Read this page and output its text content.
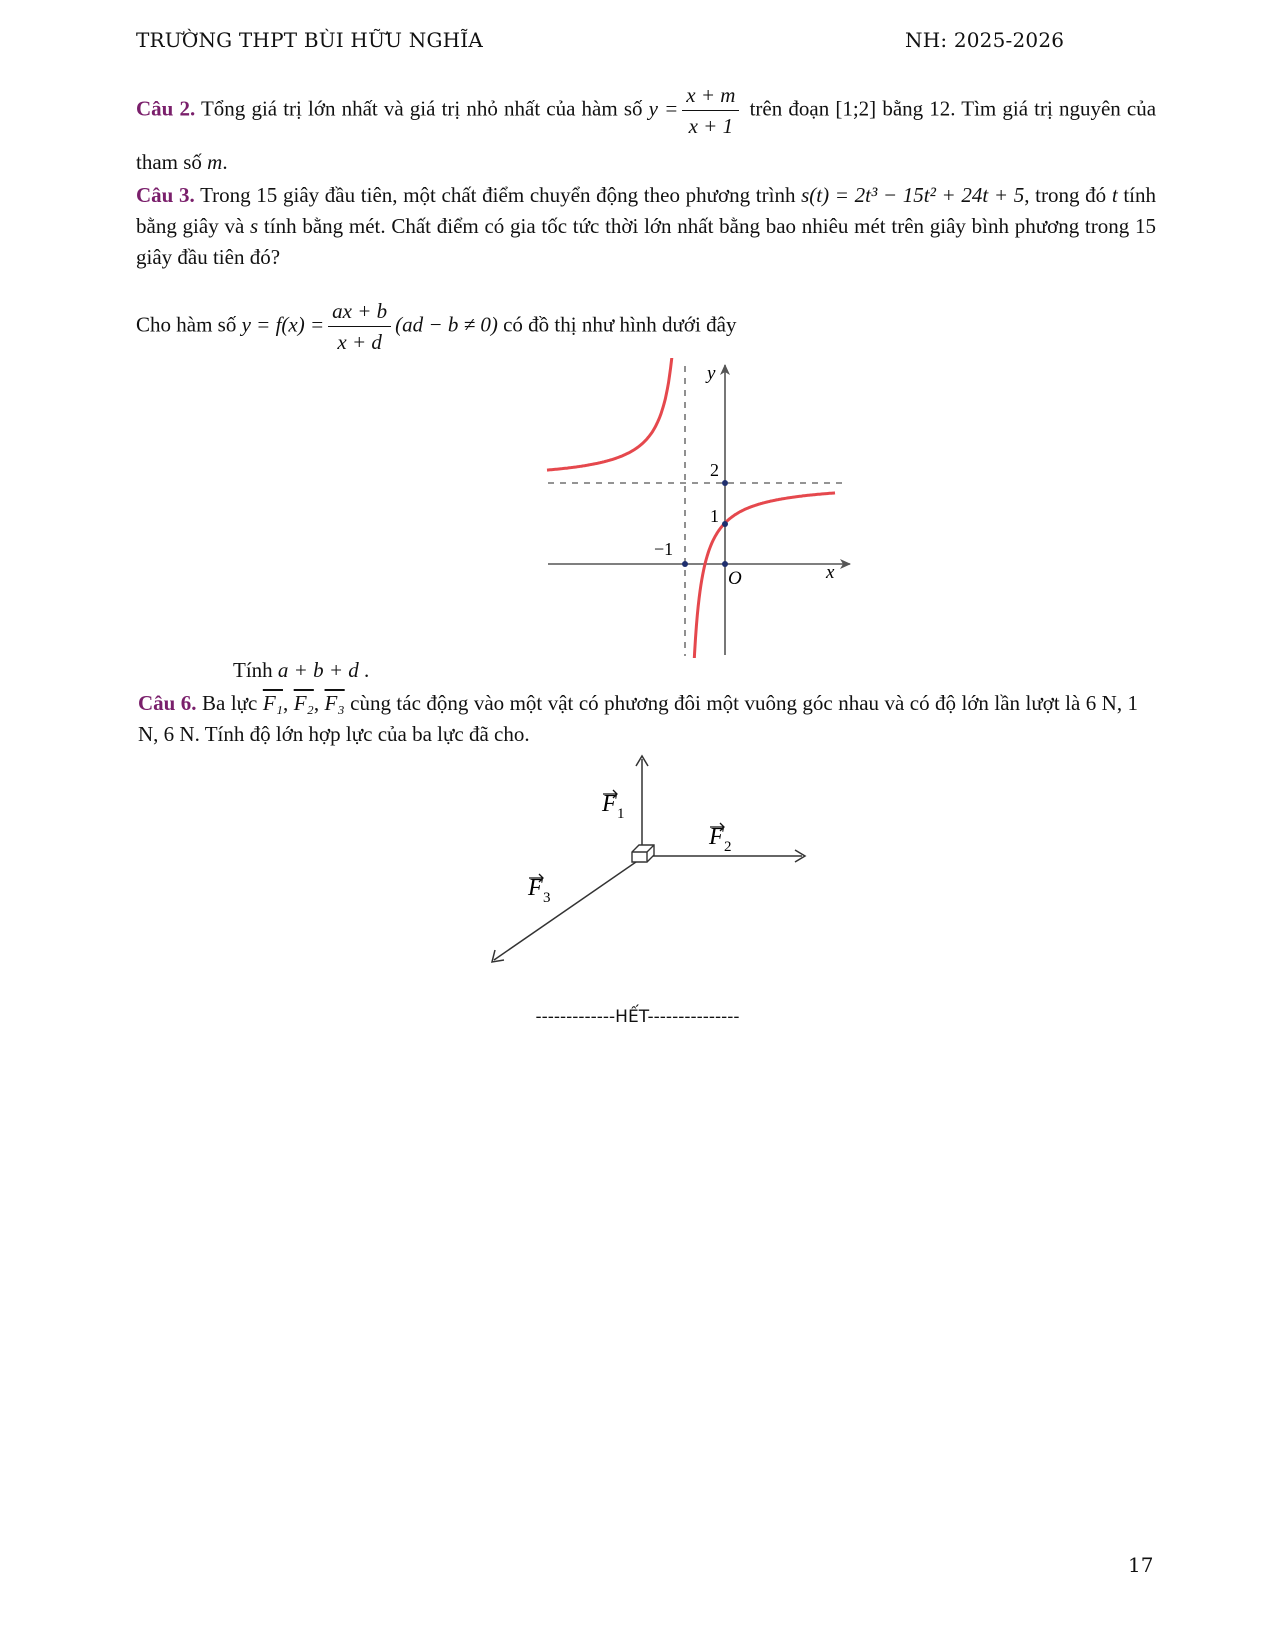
TRƯỜNG THPT BÙI HỮU NGHĨA	NH: 2025-2026
Câu 2. Tổng giá trị lớn nhất và giá trị nhỏ nhất của hàm số $y = \frac{x + m}{x + 1}$ trên đoạn [1;2] bằng 12. Tìm giá trị nguyên của tham số m.
Câu 3. Trong 15 giây đầu tiên, một chất điểm chuyển động theo phương trình s(t) = 2t³ − 15t² + 24t + 5, trong đó t tính bằng giây và s tính bằng mét. Chất điểm có gia tốc tức thời lớn nhất bằng bao nhiêu mét trên giây bình phương trong 15 giây đầu tiên đó?
Cho hàm số $y = f(x) = \frac{ax + b}{x + d} (ad - b \ne 0)$ có đồ thị như hình dưới đây
y
x
O
2
1
−1
Tính a + b + d .
Câu 6. Ba lực F₁, F₂, F₃ cùng tác động vào một vật có phương đôi một vuông góc nhau và có độ lớn lần lượt là 6 N, 1 N, 6 N. Tính độ lớn hợp lực của ba lực đã cho.
F 1
F 2
F 3
-------------HẾT---------------
17
